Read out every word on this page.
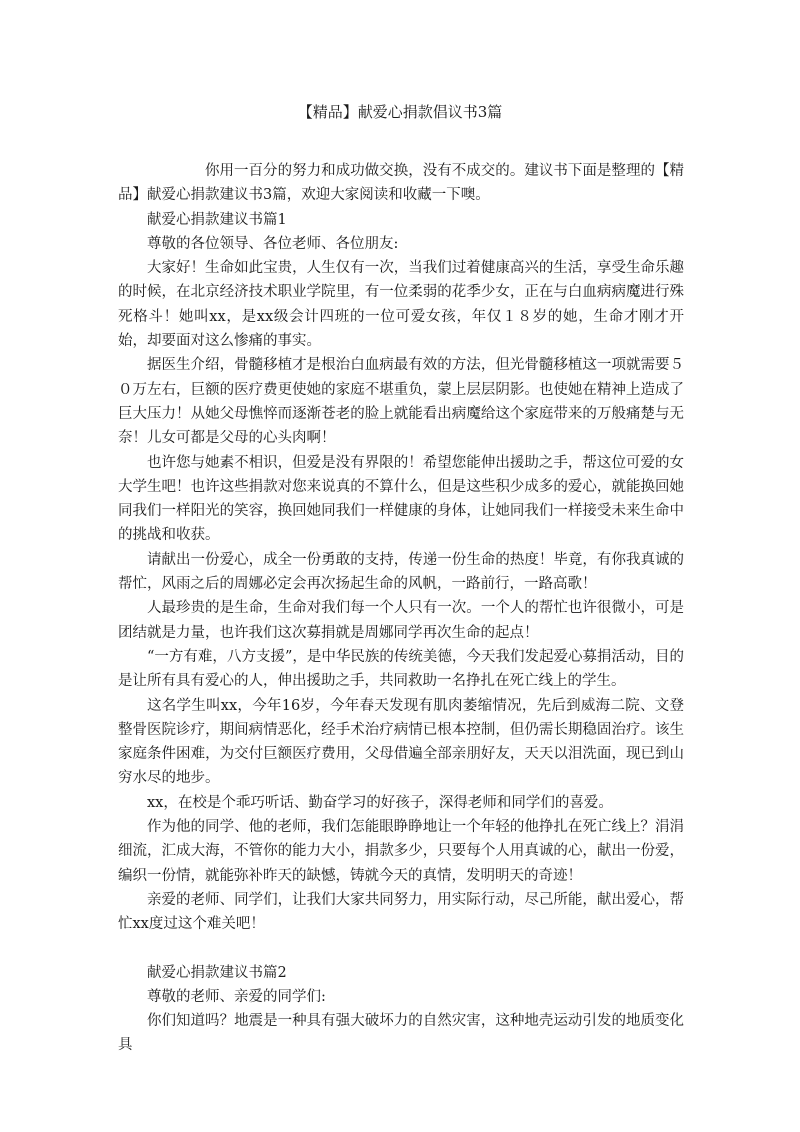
【精品】献爱心捐款倡议书3篇

你用一百分的努力和成功做交换，没有不成交的。建议书下面是整理的【精品】献爱心捐款建议书3篇，欢迎大家阅读和收藏一下噢。

献爱心捐款建议书篇1

尊敬的各位领导、各位老师、各位朋友:

大家好！生命如此宝贵，人生仅有一次，当我们过着健康高兴的生活，享受生命乐趣的时候，在北京经济技术职业学院里，有一位柔弱的花季少女，正在与白血病病魔进行殊死格斗！她叫xx，是xx级会计四班的一位可爱女孩，年仅１８岁的她，生命才刚才开始，却要面对这么惨痛的事实。

据医生介绍，骨髓移植才是根治白血病最有效的方法，但光骨髓移植这一项就需要５０万左右，巨额的医疗费更使她的家庭不堪重负，蒙上层层阴影。也使她在精神上造成了巨大压力！从她父母憔悴而逐渐苍老的脸上就能看出病魔给这个家庭带来的万般痛楚与无奈！儿女可都是父母的心头肉啊！

也许您与她素不相识，但爱是没有界限的！希望您能伸出援助之手，帮这位可爱的女大学生吧！也许这些捐款对您来说真的不算什么，但是这些积少成多的爱心，就能换回她同我们一样阳光的笑容，换回她同我们一样健康的身体，让她同我们一样接受未来生命中的挑战和收获。

请献出一份爱心，成全一份勇敢的支持，传递一份生命的热度！毕竟，有你我真诚的帮忙，风雨之后的周娜必定会再次扬起生命的风帆，一路前行，一路高歌！

人最珍贵的是生命，生命对我们每一个人只有一次。一个人的帮忙也许很微小，可是团结就是力量，也许我们这次募捐就是周娜同学再次生命的起点！

“一方有难，八方支援”，是中华民族的传统美德，今天我们发起爱心募捐活动，目的是让所有具有爱心的人，伸出援助之手，共同救助一名挣扎在死亡线上的学生。

这名学生叫xx，今年16岁，今年春天发现有肌肉萎缩情况，先后到威海二院、文登整骨医院诊疗，期间病情恶化，经手术治疗病情已根本控制，但仍需长期稳固治疗。该生家庭条件困难，为交付巨额医疗费用，父母借遍全部亲朋好友，天天以泪洗面，现已到山穷水尽的地步。

xx，在校是个乖巧听话、勤奋学习的好孩子，深得老师和同学们的喜爱。

作为他的同学、他的老师，我们怎能眼睁睁地让一个年轻的他挣扎在死亡线上？涓涓细流，汇成大海，不管你的能力大小，捐款多少，只要每个人用真诚的心，献出一份爱，编织一份情，就能弥补昨天的缺憾，铸就今天的真情，发明明天的奇迹！

亲爱的老师、同学们，让我们大家共同努力，用实际行动，尽己所能，献出爱心，帮忙xx度过这个难关吧！

献爱心捐款建议书篇2

尊敬的老师、亲爱的同学们:

你们知道吗？地震是一种具有强大破坏力的自然灾害，这种地壳运动引发的地质变化具
